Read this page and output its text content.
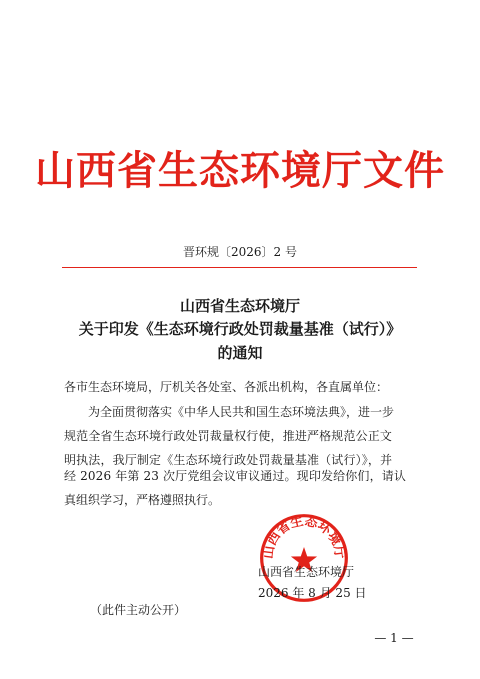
山西省生态环境厅文件
晋环规〔2026〕2 号
山西省生态环境厅
关于印发《生态环境行政处罚裁量基准（试行）》
的通知
各市生态环境局，厅机关各处室、各派出机构，各直属单位：
为全面贯彻落实《中华人民共和国生态环境法典》，进一步
规范全省生态环境行政处罚裁量权行使，推进严格规范公正文
明执法，我厅制定《生态环境行政处罚裁量基准（试行）》，并
经 2026 年第 23 次厅党组会议审议通过。现印发给你们，请认
真组织学习，严格遵照执行。
山西省生态环境厅
山西省生态环境厅
2026 年 8 月 25 日
（此件主动公开）
— 1 —
